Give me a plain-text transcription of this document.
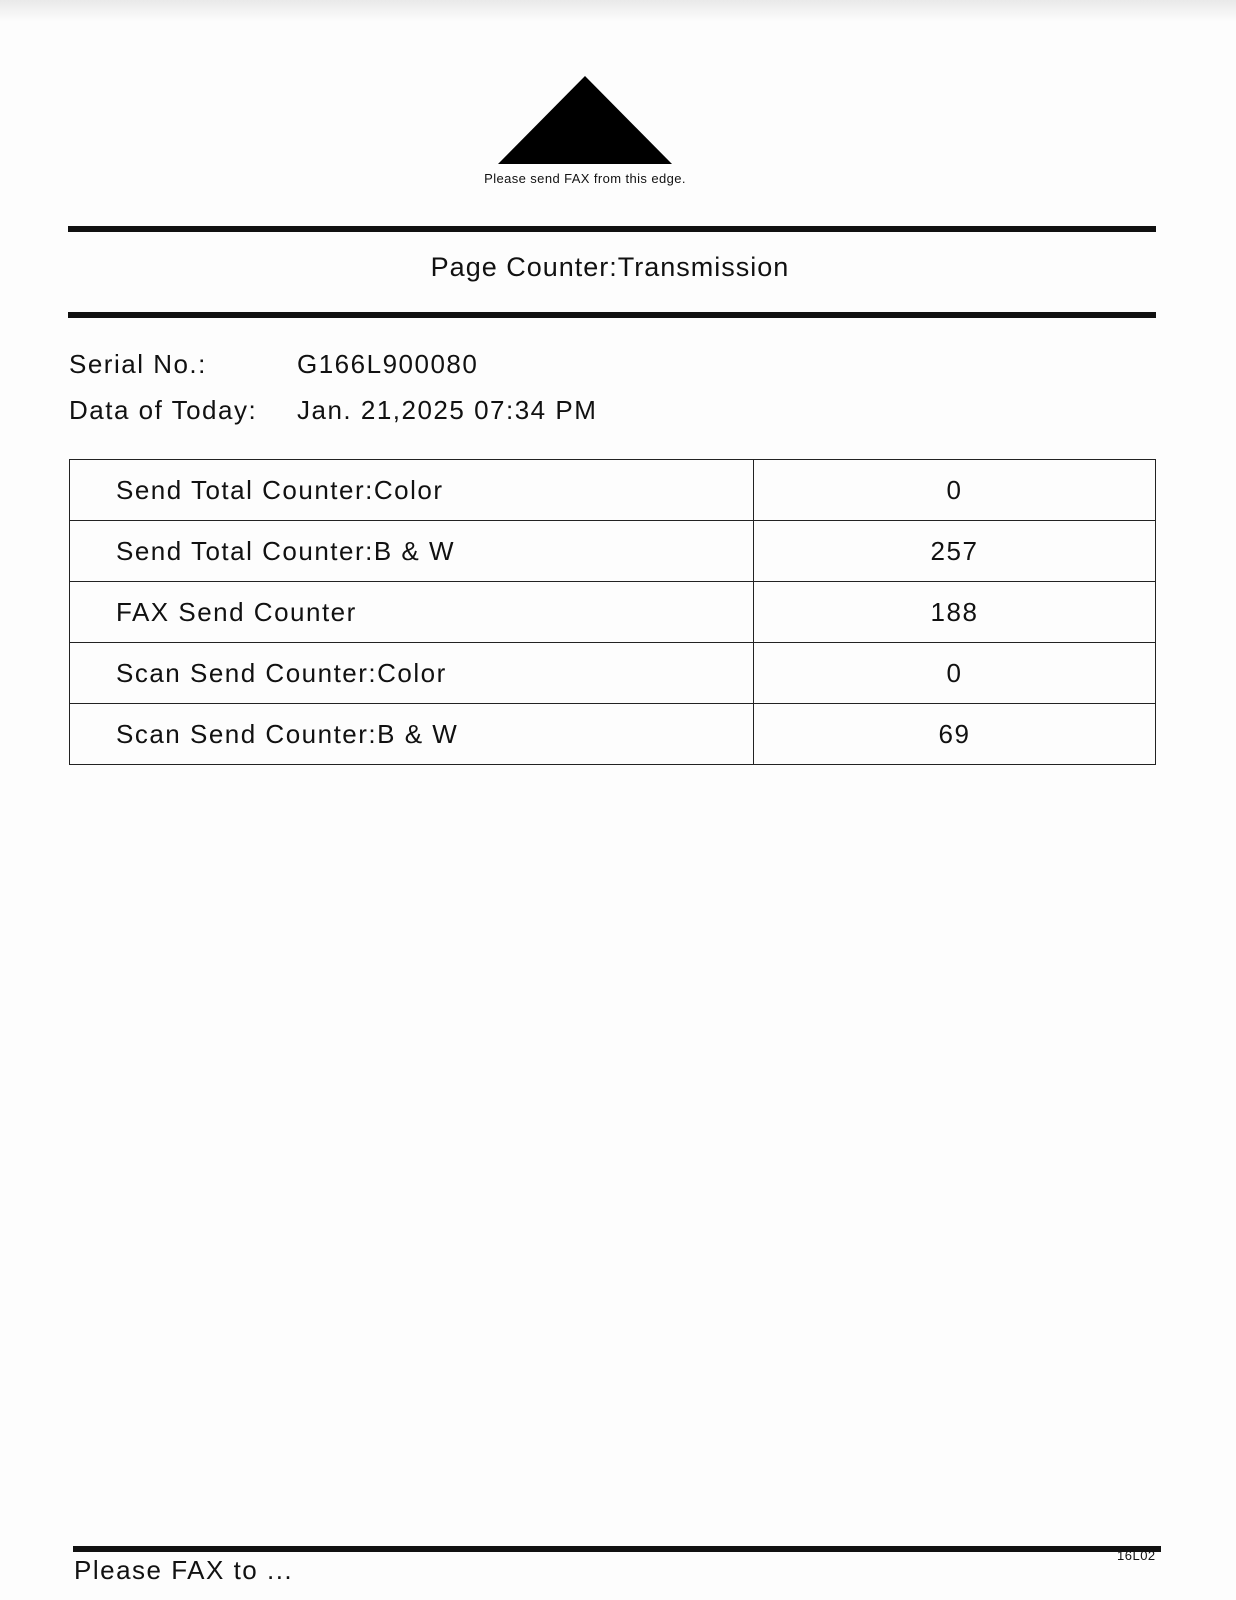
Please send FAX from this edge.
Page Counter:Transmission
Serial No.:	G166L900080
Data of Today: Jan. 21,2025 07:34 PM
Send Total Counter:Color	0
Send Total Counter:B & W	257
FAX Send Counter	188
Scan Send Counter:Color	0
Scan Send Counter:B & W	69
Please FAX to ...	16L02
